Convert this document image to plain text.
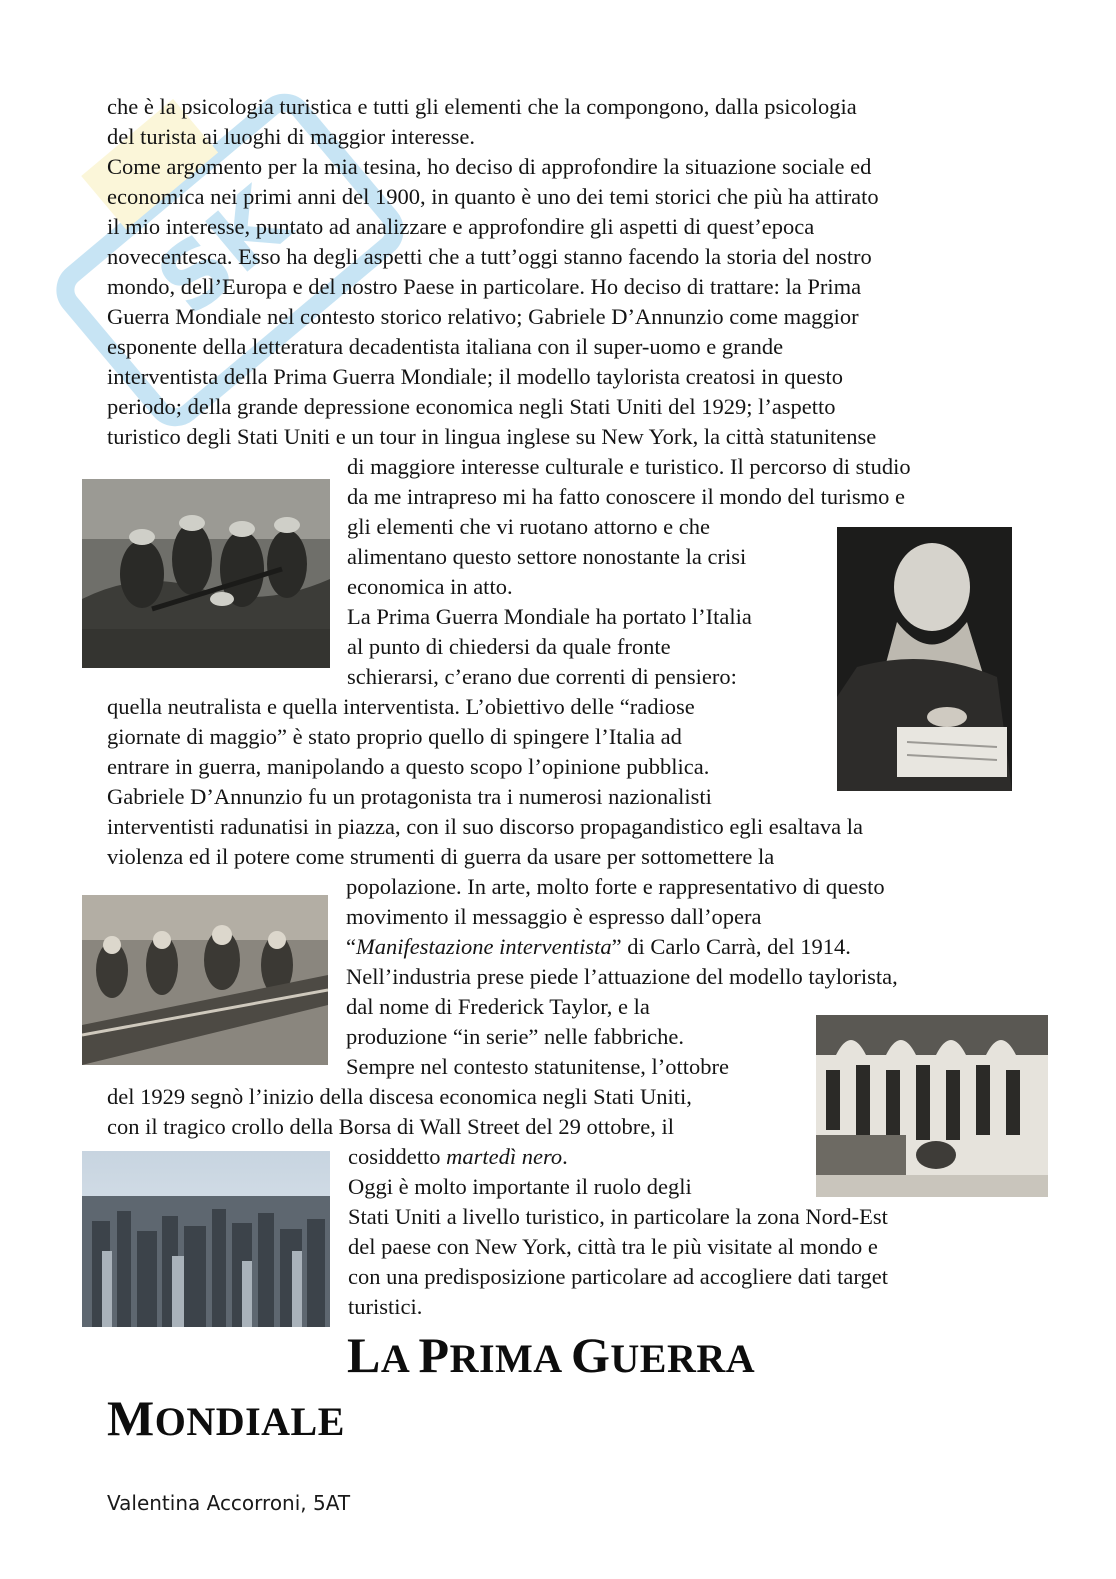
SK
che è la psicologia turistica e tutti gli elementi che la compongono, dalla psicologia
del turista ai luoghi di maggior interesse.
Come argomento per la mia tesina, ho deciso di approfondire la situazione sociale ed
economica nei primi anni del 1900, in quanto è uno dei temi storici che più ha attirato
il mio interesse, puntato ad analizzare e approfondire gli aspetti di quest’epoca
novecentesca. Esso ha degli aspetti che a tutt’oggi stanno facendo la storia del nostro
mondo, dell’Europa e del nostro Paese in particolare. Ho deciso di trattare: la Prima
Guerra Mondiale nel contesto storico relativo; Gabriele D’Annunzio come maggior
esponente della letteratura decadentista italiana con il super-uomo e grande
interventista della Prima Guerra Mondiale; il modello taylorista creatosi in questo
periodo; della grande depressione economica negli Stati Uniti del 1929; l’aspetto
turistico degli Stati Uniti e un tour in lingua inglese su New York, la città statunitense
di maggiore interesse culturale e turistico. Il percorso di studio
da me intrapreso mi ha fatto conoscere il mondo del turismo e
gli elementi che vi ruotano attorno e che
alimentano questo settore nonostante la crisi
economica in atto.
La Prima Guerra Mondiale ha portato l’Italia
al punto di chiedersi da quale fronte
schierarsi, c’erano due correnti di pensiero:
quella neutralista e quella interventista. L’obiettivo delle “radiose
giornate di maggio” è stato proprio quello di spingere l’Italia ad
entrare in guerra, manipolando a questo scopo l’opinione pubblica.
Gabriele D’Annunzio fu un protagonista tra i numerosi nazionalisti
interventisti radunatisi in piazza, con il suo discorso propagandistico egli esaltava la
violenza ed il potere come strumenti di guerra da usare per sottomettere la
popolazione. In arte, molto forte e rappresentativo di questo
movimento il messaggio è espresso dall’opera
“Manifestazione interventista” di Carlo Carrà, del 1914.
Nell’industria prese piede l’attuazione del modello taylorista,
dal nome di Frederick Taylor, e la
produzione “in serie” nelle fabbriche.
Sempre nel contesto statunitense, l’ottobre
del 1929 segnò l’inizio della discesa economica negli Stati Uniti,
con il tragico crollo della Borsa di Wall Street del 29 ottobre, il
cosiddetto martedì nero.
Oggi è molto importante il ruolo degli
Stati Uniti a livello turistico, in particolare la zona Nord-Est
del paese con New York, città tra le più visitate al mondo e
con una predisposizione particolare ad accogliere dati target
turistici.
LA PRIMA GUERRA
MONDIALE
Valentina Accorroni, 5AT
